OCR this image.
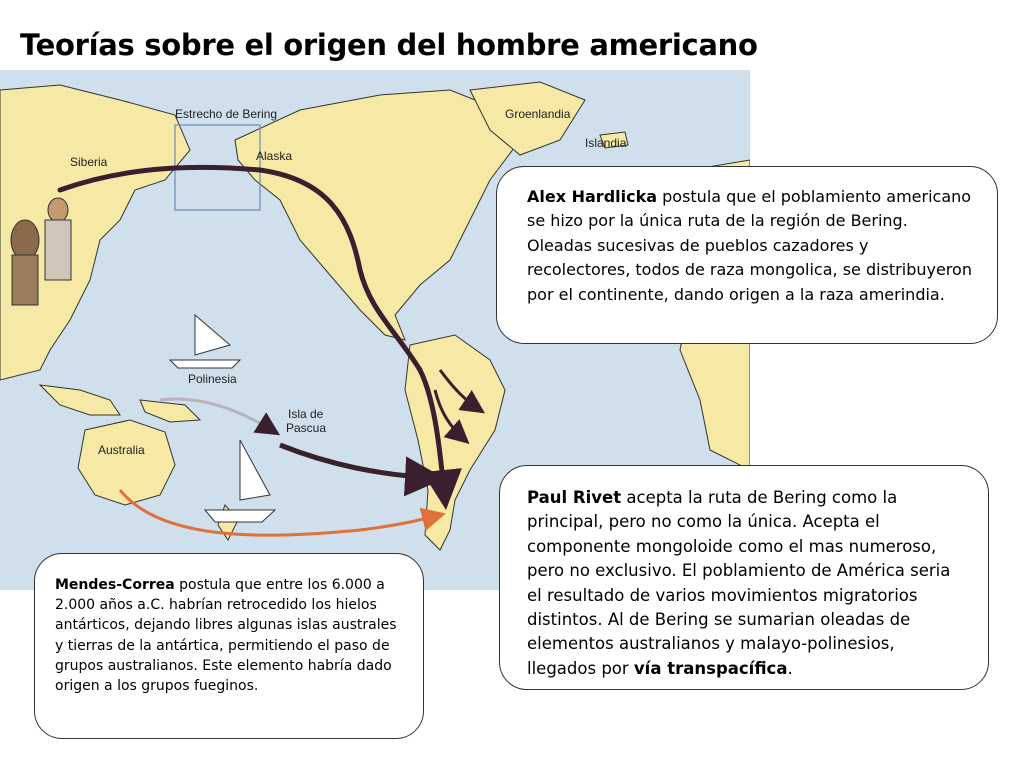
Teorías sobre el origen del hombre americano
Estrecho de Bering
Siberia	Alaska
Groenlandia
Islandia
Polinesia
Isla de
Pascua
Australia

Alex Hardlicka postula que el poblamiento americano se hizo por la única ruta de la región de Bering. Oleadas sucesivas de pueblos cazadores y recolectores, todos de raza mongolica, se distribuyeron por el continente, dando origen a la raza amerindia.

Paul Rivet acepta la ruta de Bering como la principal, pero no como la única. Acepta el componente mongoloide como el mas numeroso, pero no exclusivo. El poblamiento de América seria el resultado de varios movimientos migratorios distintos. Al de Bering se sumarian oleadas de elementos australianos y malayo-polinesios, llegados por vía transpacífica.

Mendes-Correa postula que entre los 6.000 a 2.000 años a.C. habrían retrocedido los hielos antárticos, dejando libres algunas islas australes y tierras de la antártica, permitiendo el paso de grupos australianos. Este elemento habría dado origen a los grupos fueginos.
